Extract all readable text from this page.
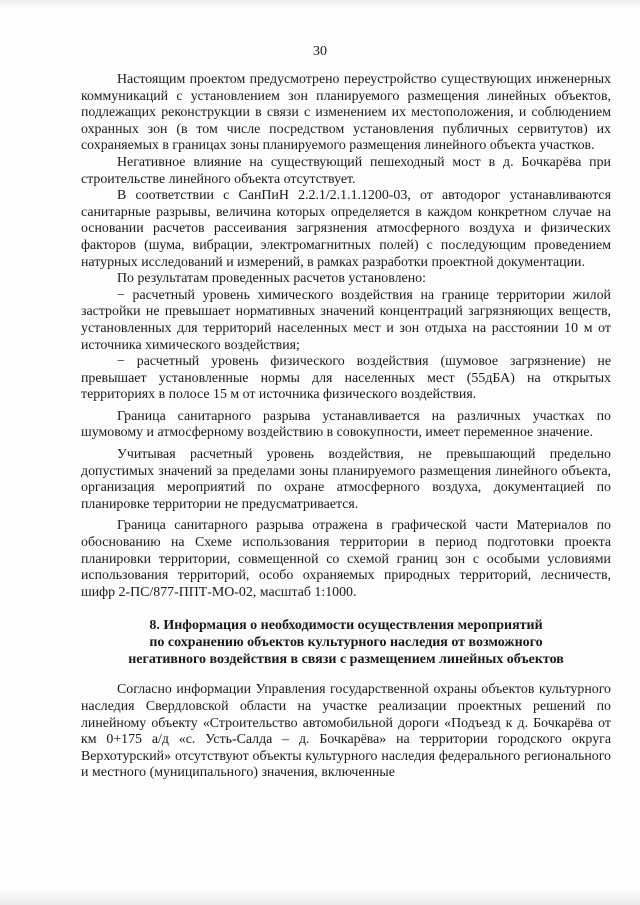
30

Настоящим проектом предусмотрено переустройство существующих инженерных коммуникаций с установлением зон планируемого размещения линейных объектов, подлежащих реконструкции в связи с изменением их местоположения, и соблюдением охранных зон (в том числе посредством установления публичных сервитутов) их сохраняемых в границах зоны планируемого размещения линейного объекта участков.

Негативное влияние на существующий пешеходный мост в д. Бочкарёва при строительстве линейного объекта отсутствует.

В соответствии с СанПиН 2.2.1/2.1.1.1200-03, от автодорог устанавливаются санитарные разрывы, величина которых определяется в каждом конкретном случае на основании расчетов рассеивания загрязнения атмосферного воздуха и физических факторов (шума, вибрации, электромагнитных полей) с последующим проведением натурных исследований и измерений, в рамках разработки проектной документации.

По результатам проведенных расчетов установлено:

− расчетный уровень химического воздействия на границе территории жилой застройки не превышает нормативных значений концентраций загрязняющих веществ, установленных для территорий населенных мест и зон отдыха на расстоянии 10 м от источника химического воздействия;

− расчетный уровень физического воздействия (шумовое загрязнение) не превышает установленные нормы для населенных мест (55дБА) на открытых территориях в полосе 15 м от источника физического воздействия.

Граница санитарного разрыва устанавливается на различных участках по шумовому и атмосферному воздействию в совокупности, имеет переменное значение.

Учитывая расчетный уровень воздействия, не превышающий предельно допустимых значений за пределами зоны планируемого размещения линейного объекта, организация мероприятий по охране атмосферного воздуха, документацией по планировке территории не предусматривается.

Граница санитарного разрыва отражена в графической части Материалов по обоснованию на Схеме использования территории в период подготовки проекта планировки территории, совмещенной со схемой границ зон с особыми условиями использования территорий, особо охраняемых природных территорий, лесничеств, шифр 2-ПС/877-ППТ-МО-02, масштаб 1:1000.

8. Информация о необходимости осуществления мероприятий
по сохранению объектов культурного наследия от возможного
негативного воздействия в связи с размещением линейных объектов

Согласно информации Управления государственной охраны объектов культурного наследия Свердловской области на участке реализации проектных решений по линейному объекту «Строительство автомобильной дороги «Подъезд к д. Бочкарёва от км 0+175 а/д «с. Усть-Салда – д. Бочкарёва» на территории городского округа Верхотурский» отсутствуют объекты культурного наследия федерального регионального и местного (муниципального) значения, включенные
